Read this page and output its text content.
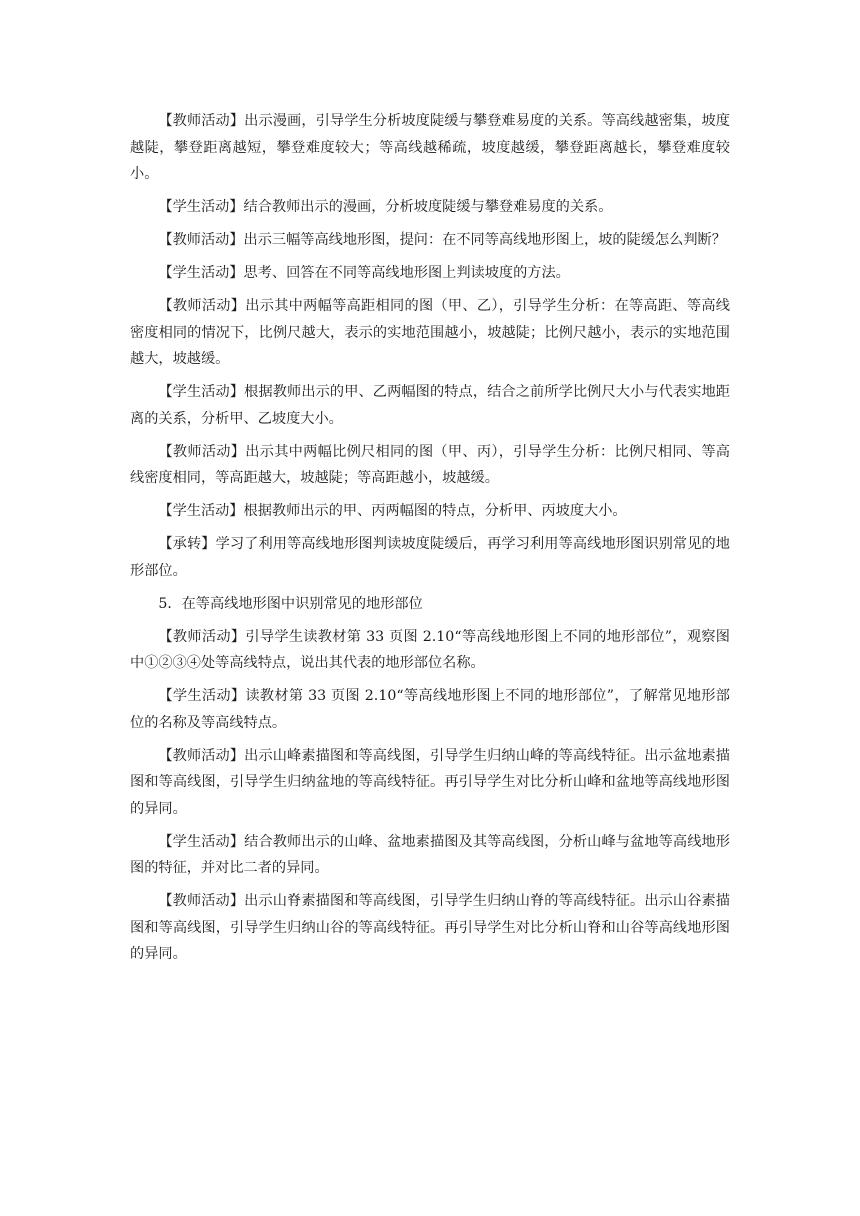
【教师活动】出示漫画，引导学生分析坡度陡缓与攀登难易度的关系。等高线越密集，坡度越陡，攀登距离越短，攀登难度较大；等高线越稀疏，坡度越缓，攀登距离越长，攀登难度较小。

【学生活动】结合教师出示的漫画，分析坡度陡缓与攀登难易度的关系。

【教师活动】出示三幅等高线地形图，提问：在不同等高线地形图上，坡的陡缓怎么判断？

【学生活动】思考、回答在不同等高线地形图上判读坡度的方法。

【教师活动】出示其中两幅等高距相同的图（甲、乙），引导学生分析：在等高距、等高线密度相同的情况下，比例尺越大，表示的实地范围越小，坡越陡；比例尺越小，表示的实地范围越大，坡越缓。

【学生活动】根据教师出示的甲、乙两幅图的特点，结合之前所学比例尺大小与代表实地距离的关系，分析甲、乙坡度大小。

【教师活动】出示其中两幅比例尺相同的图（甲、丙），引导学生分析：比例尺相同、等高线密度相同，等高距越大，坡越陡；等高距越小，坡越缓。

【学生活动】根据教师出示的甲、丙两幅图的特点，分析甲、丙坡度大小。

【承转】学习了利用等高线地形图判读坡度陡缓后，再学习利用等高线地形图识别常见的地形部位。

5．在等高线地形图中识别常见的地形部位

【教师活动】引导学生读教材第 33 页图 2.10“等高线地形图上不同的地形部位”，观察图中①②③④处等高线特点，说出其代表的地形部位名称。

【学生活动】读教材第 33 页图 2.10“等高线地形图上不同的地形部位”，了解常见地形部位的名称及等高线特点。

【教师活动】出示山峰素描图和等高线图，引导学生归纳山峰的等高线特征。出示盆地素描图和等高线图，引导学生归纳盆地的等高线特征。再引导学生对比分析山峰和盆地等高线地形图的异同。

【学生活动】结合教师出示的山峰、盆地素描图及其等高线图，分析山峰与盆地等高线地形图的特征，并对比二者的异同。

【教师活动】出示山脊素描图和等高线图，引导学生归纳山脊的等高线特征。出示山谷素描图和等高线图，引导学生归纳山谷的等高线特征。再引导学生对比分析山脊和山谷等高线地形图的异同。
